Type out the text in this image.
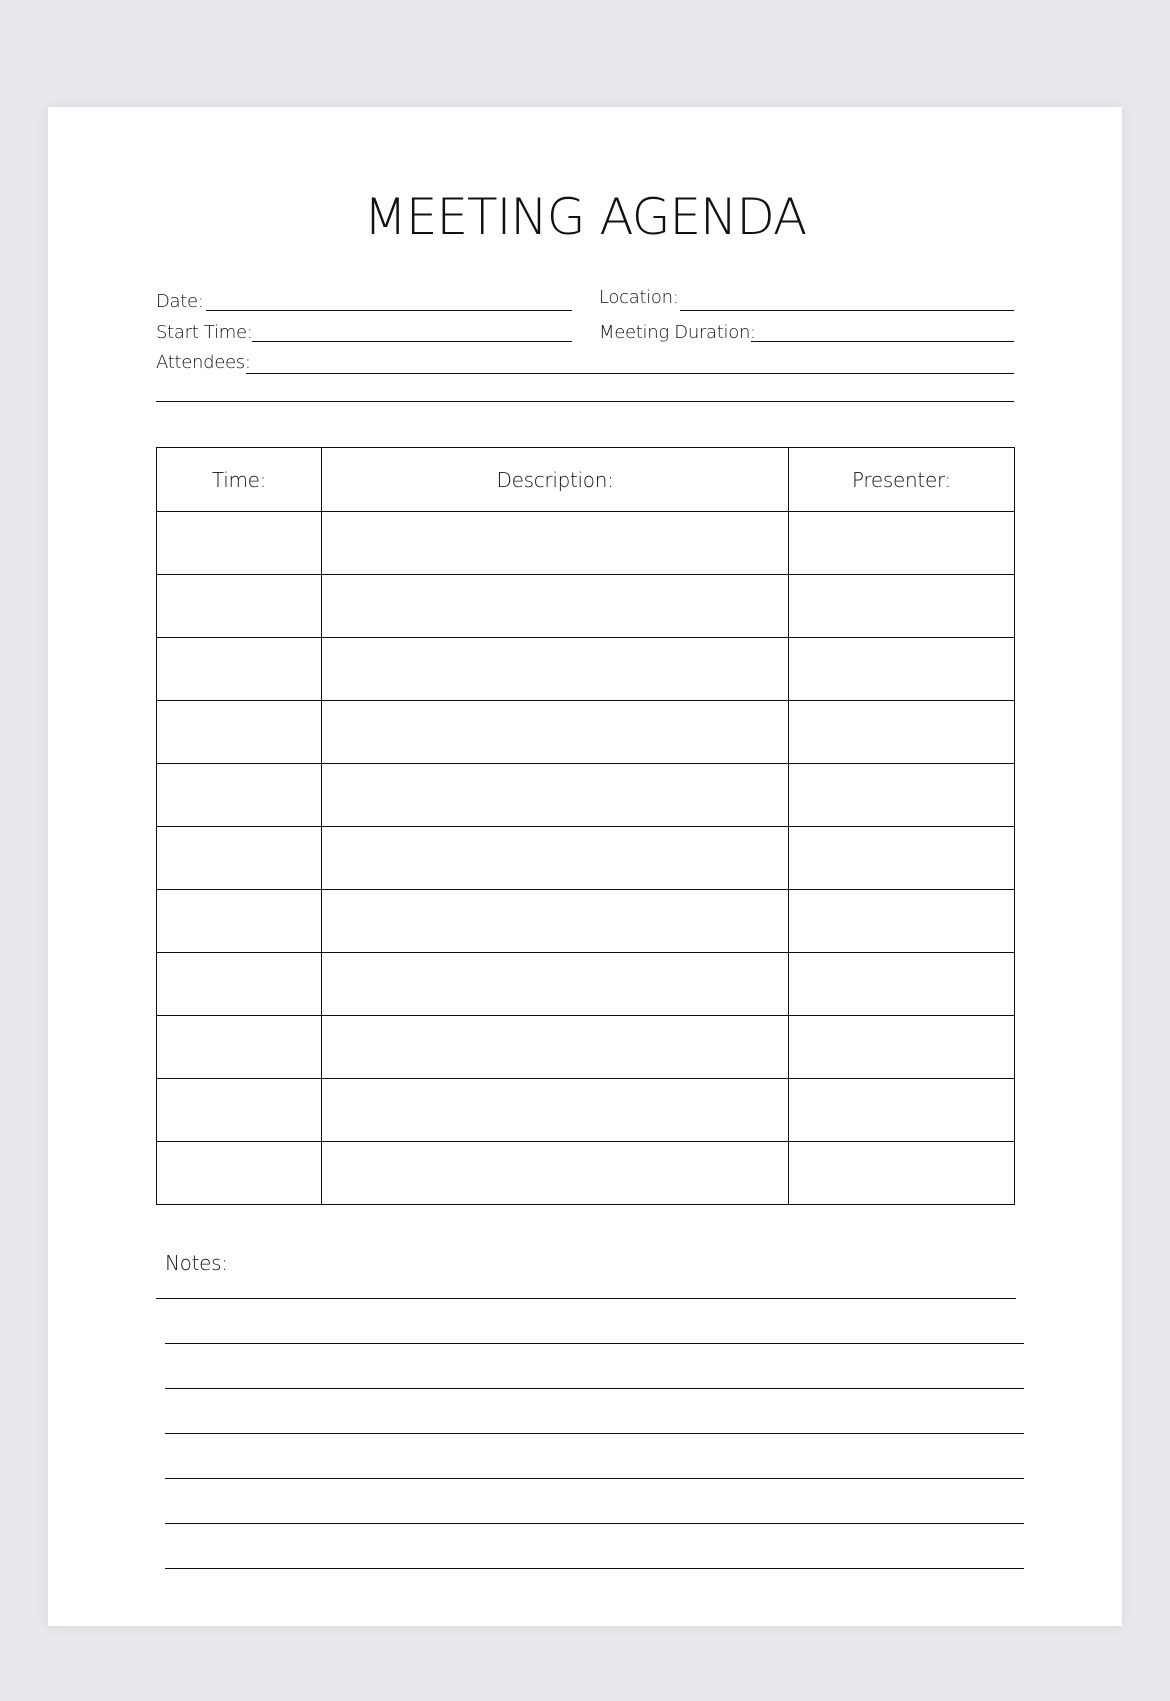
MEETING AGENDA
Date:	Location:
Start Time:	Meeting Duration:
Attendees:
Time:	Description:	Presenter:

Notes:
